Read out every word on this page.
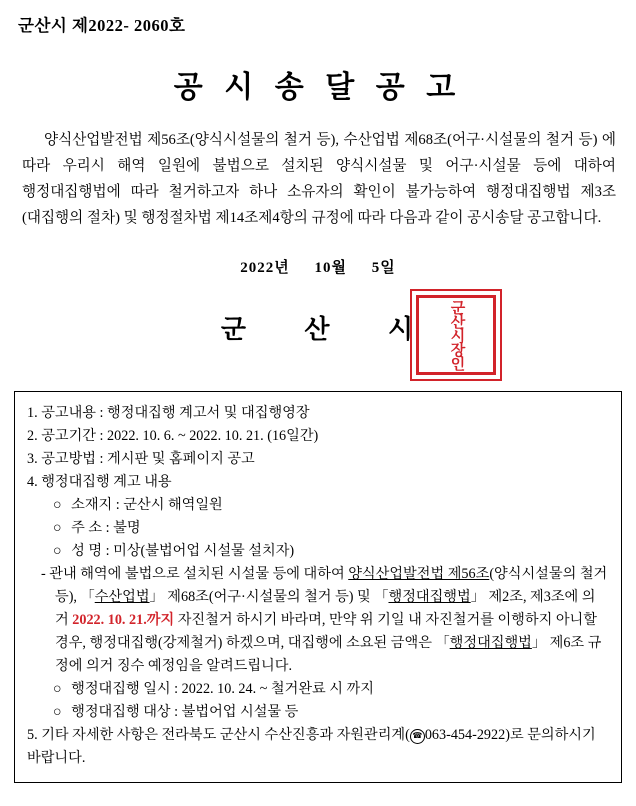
군산시 제2022- 2060호
공 시 송 달 공 고
양식산업발전법 제56조(양식시설물의 철거 등), 수산업법 제68조(어구·시설물의 철거 등) 에 따라 우리시 해역 일원에 불법으로 설치된 양식시설물 및 어구·시설물 등에 대하여 행정대집행법에 따라 철거하고자 하나 소유자의 확인이 불가능하여 행정대집행법 제3조(대집행의 절차) 및 행정절차법 제14조제4항의 규정에 따라 다음과 같이 공시송달 공고합니다.
2022년 10월 5일
군 산 시
군
산
시
장
인
1. 공고내용 : 행정대집행 계고서 및 대집행영장
2. 공고기간 : 2022. 10. 6. ~ 2022. 10. 21. (16일간)
3. 공고방법 : 게시판 및 홈페이지 공고
4. 행정대집행 계고 내용
○ 소재지 : 군산시 해역일원
○ 주 소 : 불명
○ 성 명 : 미상(불법어업 시설물 설치자)
- 관내 해역에 불법으로 설치된 시설물 등에 대하여 양식산업발전법 제56조(양식시설물의 철거 등), 「수산업법」 제68조(어구·시설물의 철거 등) 및 「행정대집행법」 제2조, 제3조에 의거 2022. 10. 21.까지 자진철거 하시기 바라며, 만약 위 기일 내 자진철거를 이행하지 아니할 경우, 행정대집행(강제철거) 하겠으며, 대집행에 소요된 금액은 「행정대집행법」 제6조 규정에 의거 징수 예정임을 알려드립니다.
○ 행정대집행 일시 : 2022. 10. 24. ~ 철거완료 시 까지
○ 행정대집행 대상 : 불법어업 시설물 등
5. 기타 자세한 사항은 전라북도 군산시 수산진흥과 자원관리계( ☎ 063-454-2922)로 문의하시기 바랍니다.
